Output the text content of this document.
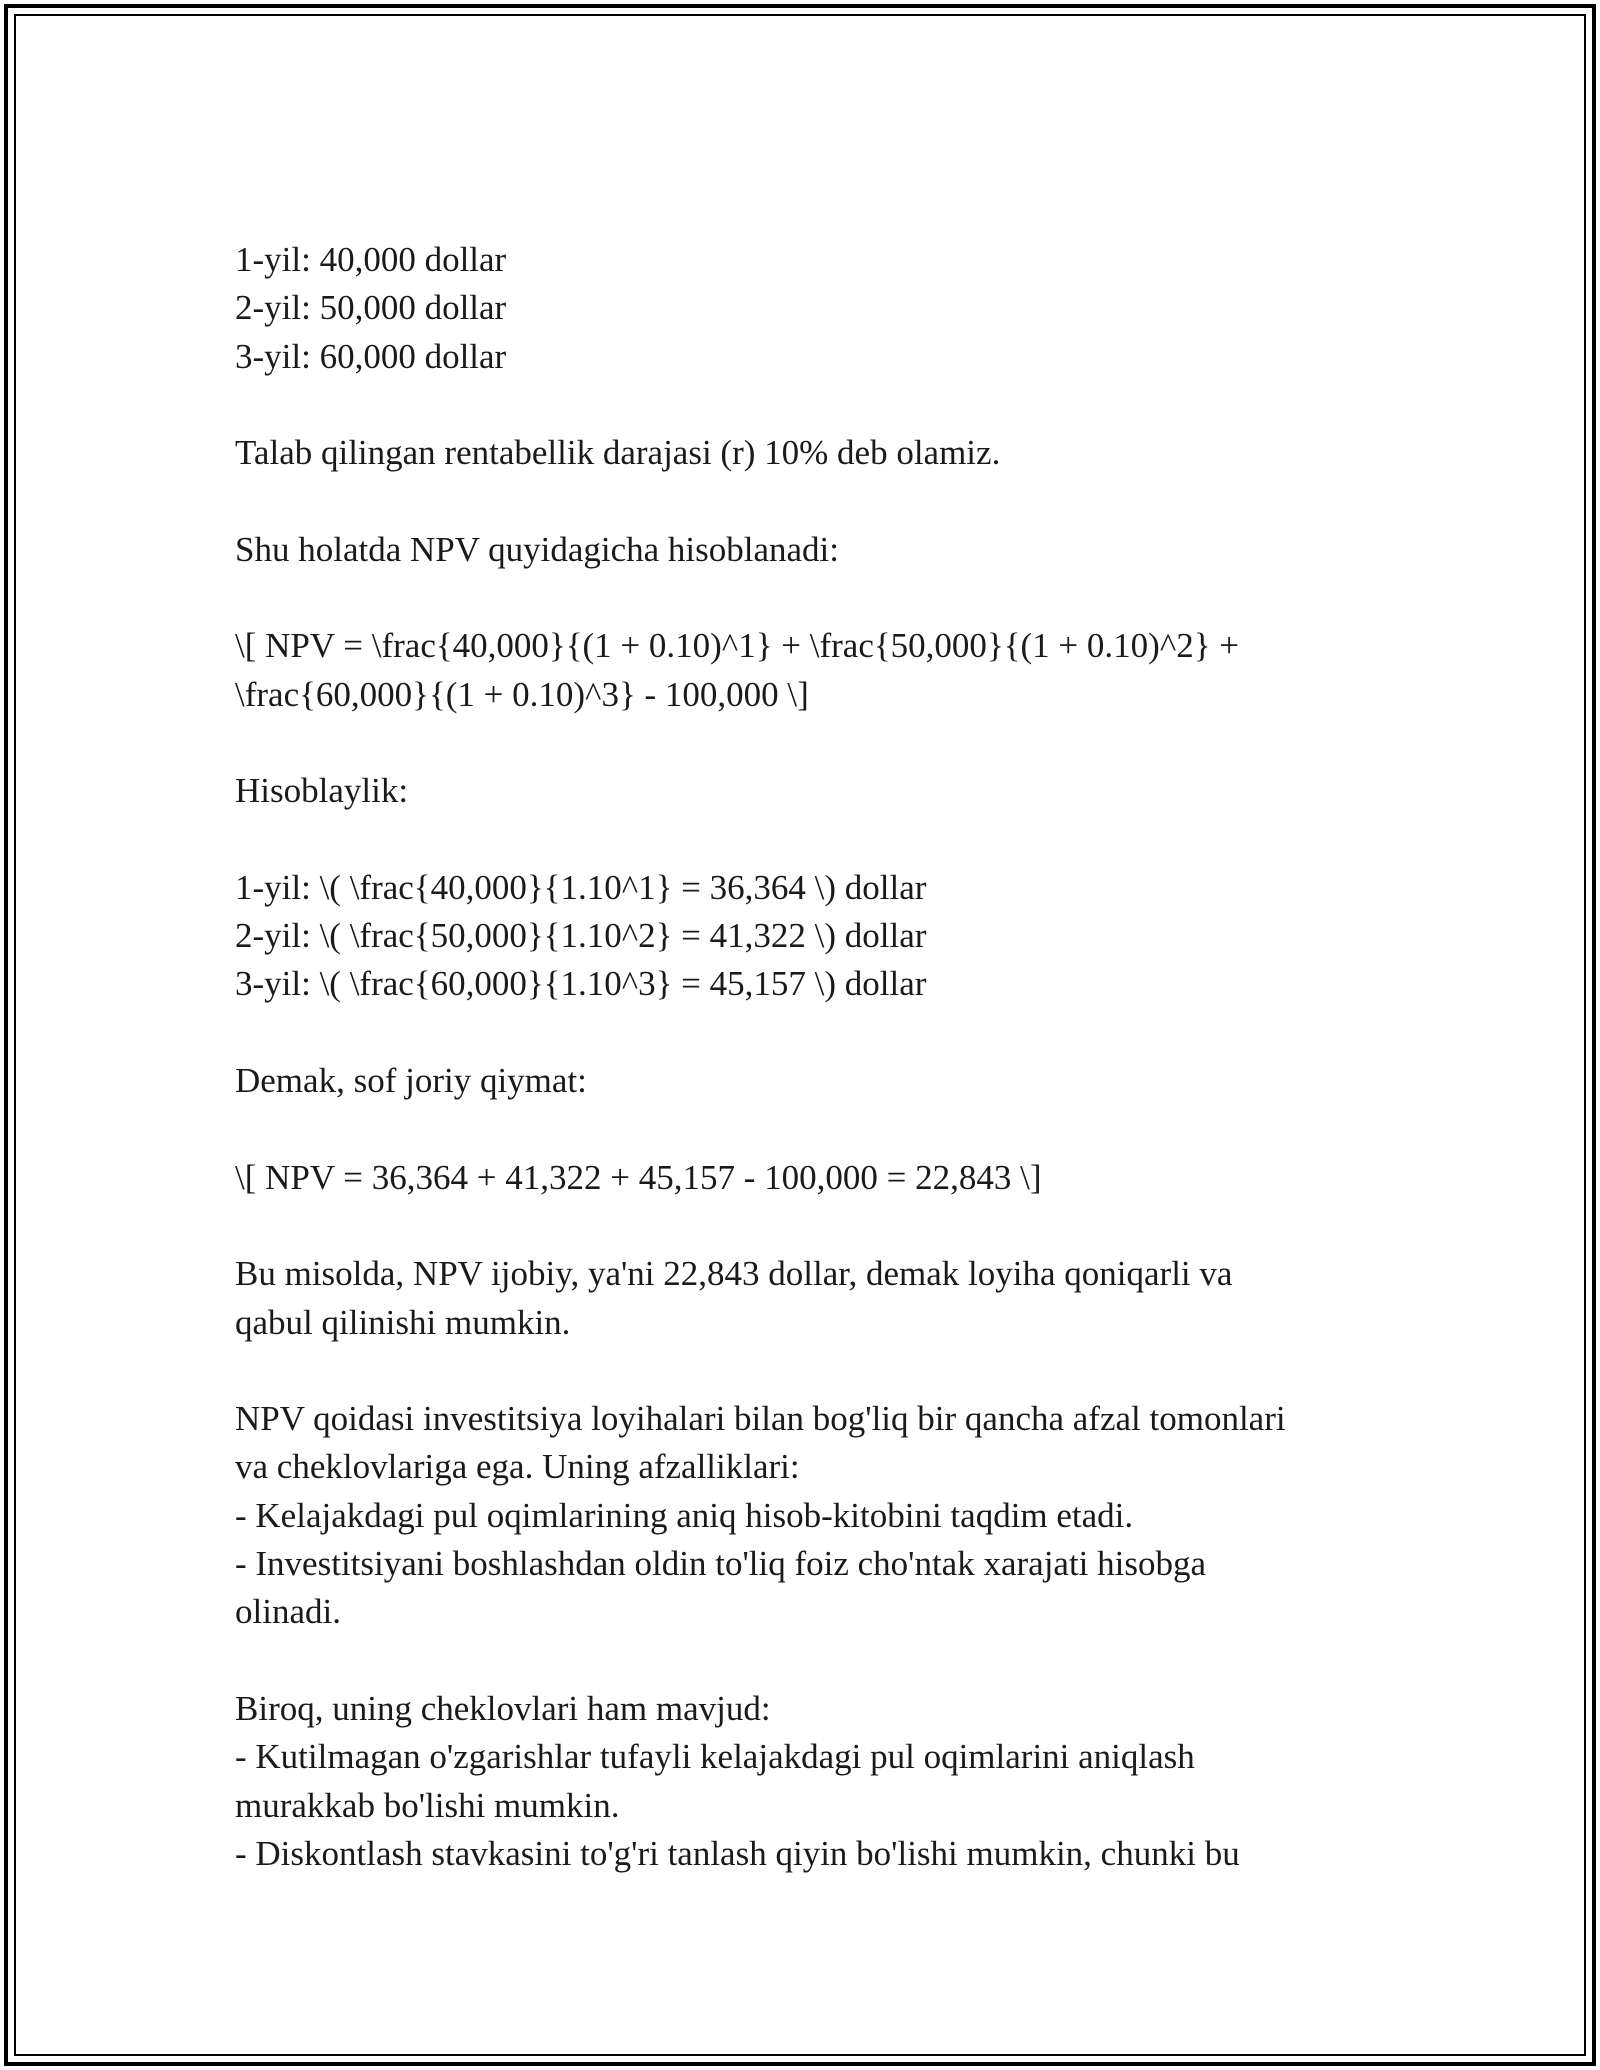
1-yil: 40,000 dollar
2-yil: 50,000 dollar
3-yil: 60,000 dollar
Talab qilingan rentabellik darajasi (r) 10% deb olamiz.
Shu holatda NPV quyidagicha hisoblanadi:
\[ NPV = \frac{40,000}{(1 + 0.10)^1} + \frac{50,000}{(1 + 0.10)^2} +
\frac{60,000}{(1 + 0.10)^3} - 100,000 \]
Hisoblaylik:
1-yil: \( \frac{40,000}{1.10^1} = 36,364 \) dollar
2-yil: \( \frac{50,000}{1.10^2} = 41,322 \) dollar
3-yil: \( \frac{60,000}{1.10^3} = 45,157 \) dollar
Demak, sof joriy qiymat:
\[ NPV = 36,364 + 41,322 + 45,157 - 100,000 = 22,843 \]
Bu misolda, NPV ijobiy, ya'ni 22,843 dollar, demak loyiha qoniqarli va
qabul qilinishi mumkin.
NPV qoidasi investitsiya loyihalari bilan bog'liq bir qancha afzal tomonlari
va cheklovlariga ega. Uning afzalliklari:
- Kelajakdagi pul oqimlarining aniq hisob-kitobini taqdim etadi.
- Investitsiyani boshlashdan oldin to'liq foiz cho'ntak xarajati hisobga
olinadi.
Biroq, uning cheklovlari ham mavjud:
- Kutilmagan o'zgarishlar tufayli kelajakdagi pul oqimlarini aniqlash
murakkab bo'lishi mumkin.
- Diskontlash stavkasini to'g'ri tanlash qiyin bo'lishi mumkin, chunki bu
